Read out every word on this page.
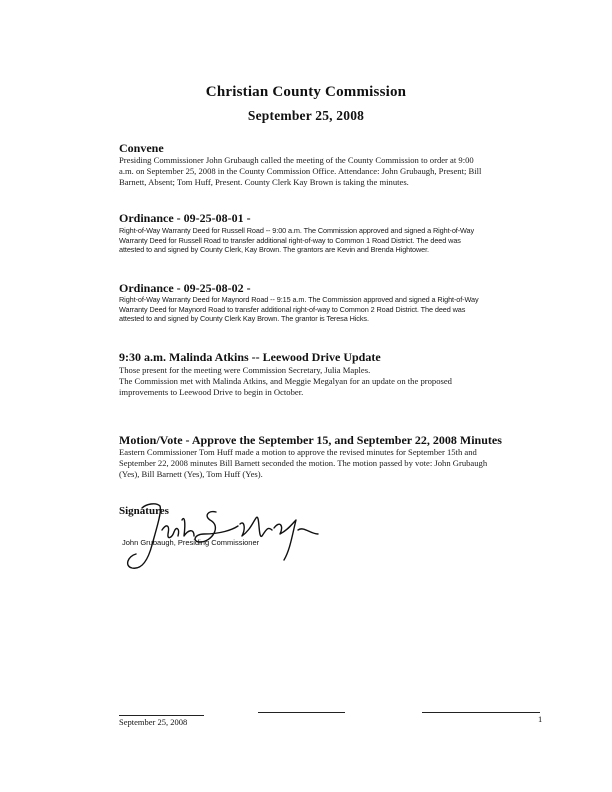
Christian County Commission
September 25, 2008
Convene
Presiding Commissioner John Grubaugh called the meeting of the County Commission to order at 9:00
a.m. on September 25, 2008 in the County Commission Office. Attendance: John Grubaugh, Present; Bill
Barnett, Absent; Tom Huff, Present. County Clerk Kay Brown is taking the minutes.
Ordinance - 09-25-08-01 -
Right-of-Way Warranty Deed for Russell Road -- 9:00 a.m. The Commission approved and signed a Right-of-Way
Warranty Deed for Russell Road to transfer additional right-of-way to Common 1 Road District. The deed was
attested to and signed by County Clerk, Kay Brown. The grantors are Kevin and Brenda Hightower.
Ordinance - 09-25-08-02 -
Right-of-Way Warranty Deed for Maynord Road -- 9:15 a.m. The Commission approved and signed a Right-of-Way
Warranty Deed for Maynord Road to transfer additional right-of-way to Common 2 Road District. The deed was
attested to and signed by County Clerk Kay Brown. The grantor is Teresa Hicks.
9:30 a.m. Malinda Atkins -- Leewood Drive Update
Those present for the meeting were Commission Secretary, Julia Maples.
The Commission met with Malinda Atkins, and Meggie Megalyan for an update on the proposed
improvements to Leewood Drive to begin in October.
Motion/Vote - Approve the September 15, and September 22, 2008 Minutes
Eastern Commissioner Tom Huff made a motion to approve the revised minutes for September 15th and
September 22, 2008 minutes Bill Barnett seconded the motion. The motion passed by vote: John Grubaugh
(Yes), Bill Barnett (Yes), Tom Huff (Yes).
Signatures
John Grubaugh, Presiding Commissioner
September 25, 2008	1
